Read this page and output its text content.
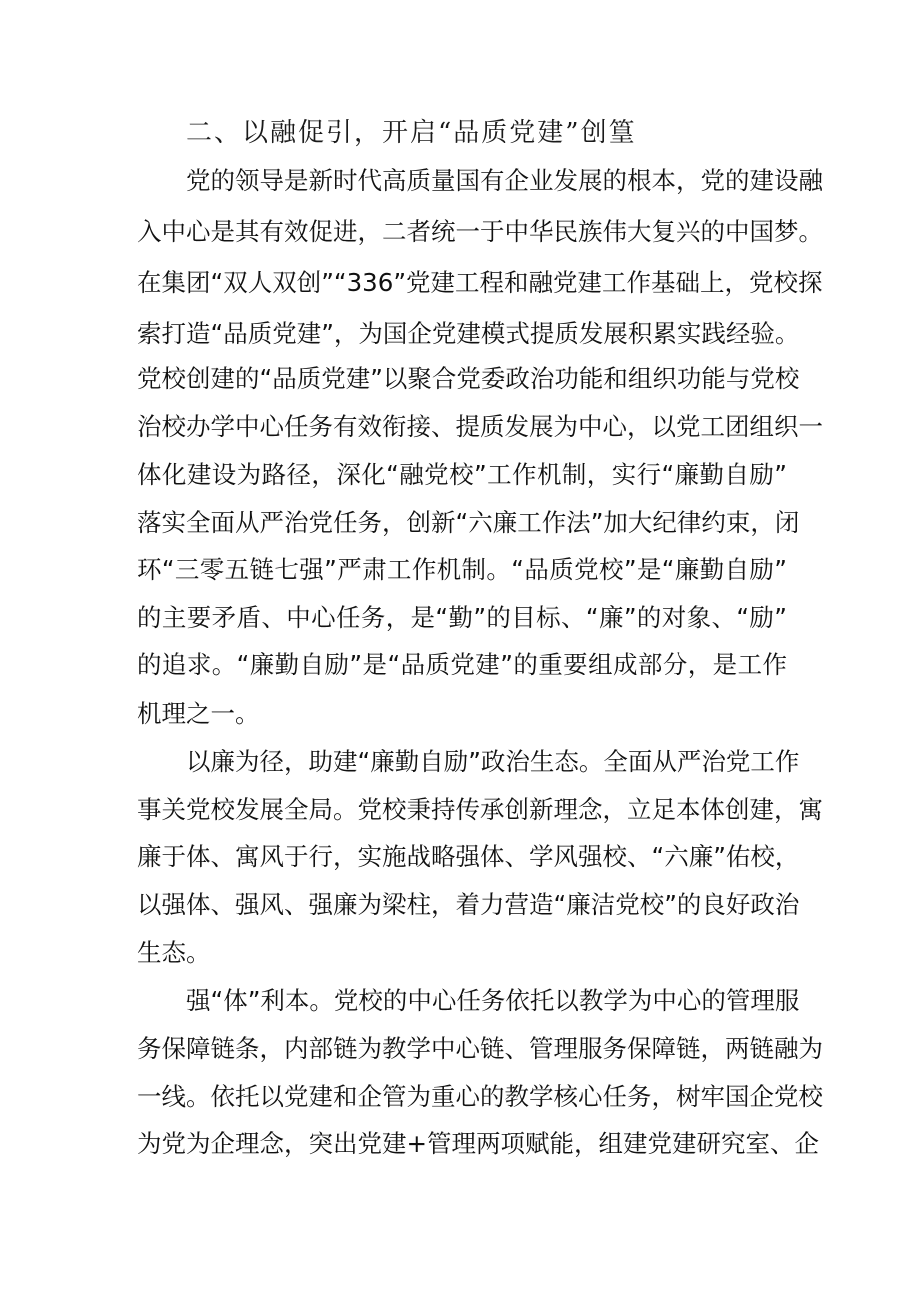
二、以融促引，开启“品质党建”创篁
党的领导是新时代高质量国有企业发展的根本，党的建设融
入中心是其有效促进，二者统一于中华民族伟大复兴的中国梦。
在集团“双人双创”“336”党建工程和融党建工作基础上，党校探
索打造“品质党建”，为国企党建模式提质发展积累实践经验。
党校创建的“品质党建”以聚合党委政治功能和组织功能与党校
治校办学中心任务有效衔接、提质发展为中心，以党工团组织一
体化建设为路径，深化“融党校”工作机制，实行“廉勤自励”
落实全面从严治党任务，创新“六廉工作法”加大纪律约束，闭
环“三零五链七强”严肃工作机制。“品质党校”是“廉勤自励”
的主要矛盾、中心任务，是“勤”的目标、“廉”的对象、“励”
的追求。“廉勤自励”是“品质党建”的重要组成部分，是工作
机理之一。
以廉为径，助建“廉勤自励”政治生态。全面从严治党工作
事关党校发展全局。党校秉持传承创新理念，立足本体创建，寓
廉于体、寓风于行，实施战略强体、学风强校、“六廉”佑校，
以强体、强风、强廉为梁柱，着力营造“廉洁党校”的良好政治
生态。
强“体”利本。党校的中心任务依托以教学为中心的管理服
务保障链条，内部链为教学中心链、管理服务保障链，两链融为
一线。依托以党建和企管为重心的教学核心任务，树牢国企党校
为党为企理念，突出党建+管理两项赋能，组建党建研究室、企
